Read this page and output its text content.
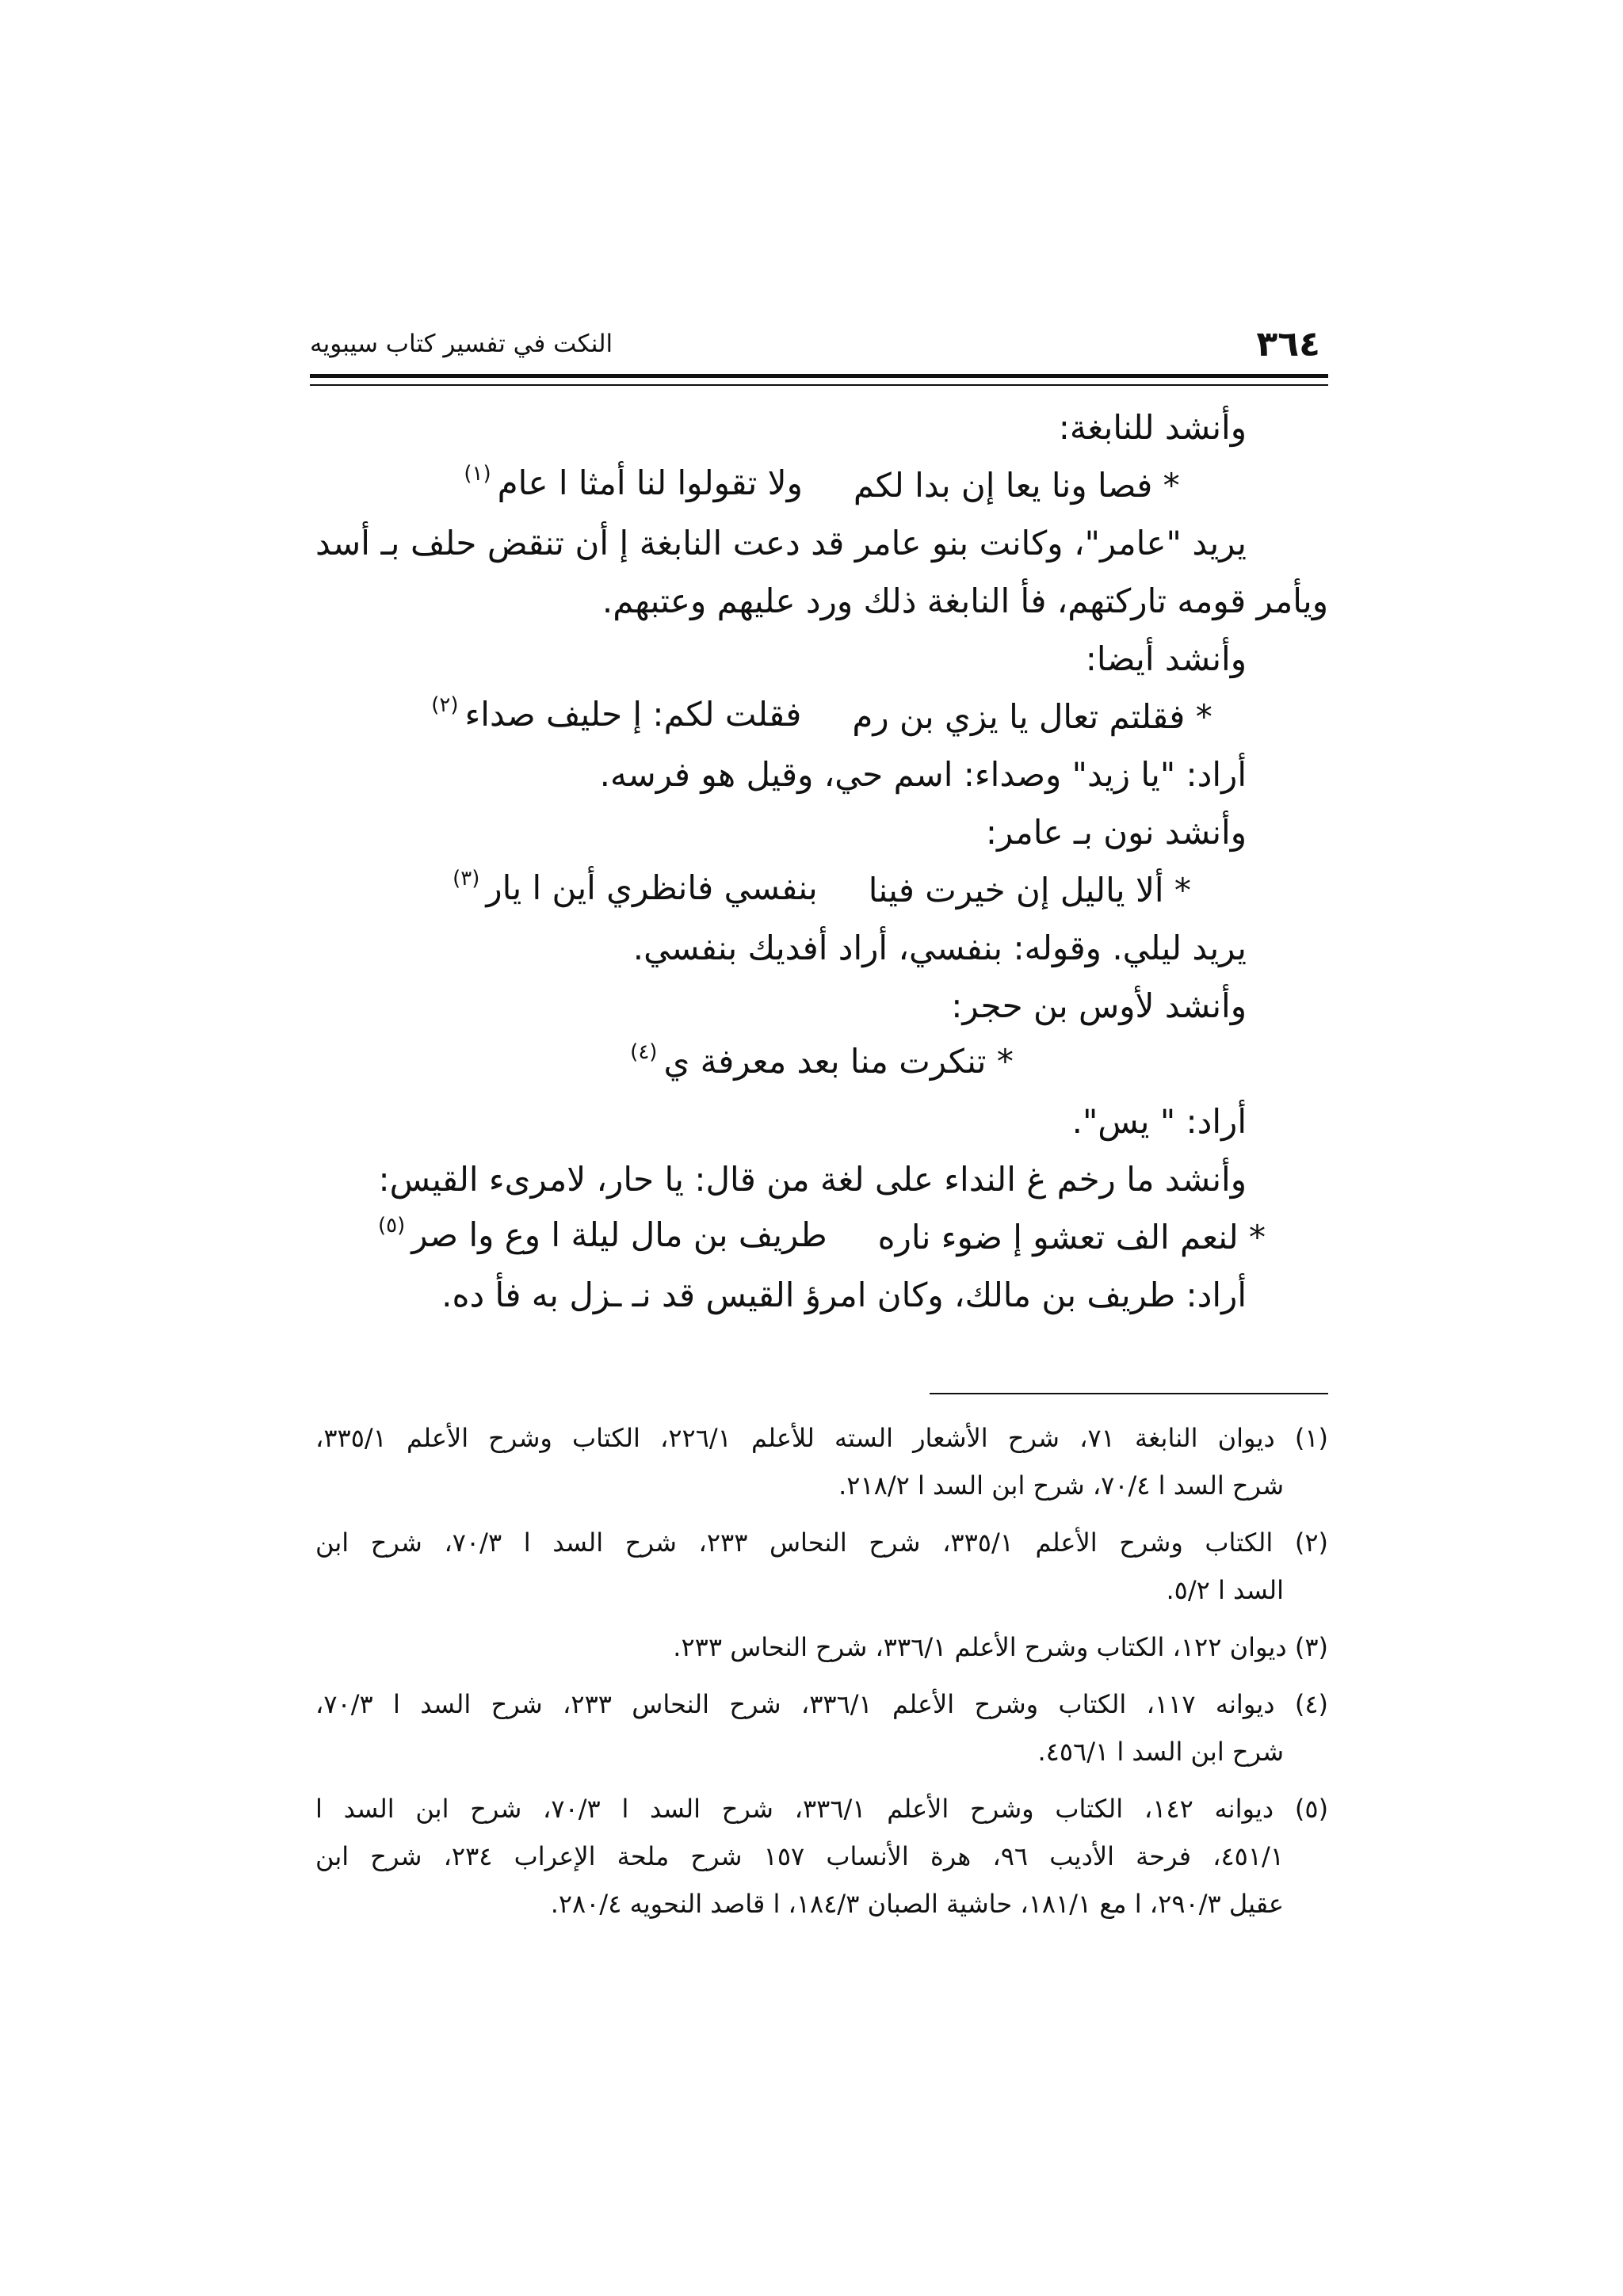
٣٦٤
النكت في تفسير كتاب سيبويه
وأنشد للنابغة:
* فصا ونا يعا إن بدا لكم
ولا تقولوا لنا أمثا ا عام$^{(١)}$
يريد "عامر"، وكانت بنو عامر قد دعت النابغة إ أن تنقض حلف بـ أسد
ويأمر قومه تاركتهم، فأ النابغة ذلك ورد عليهم وعتبهم.
وأنشد أيضا:
* فقلتم تعال يا يزي بن رم
فقلت لكم: إ حليف صداء$^{(٢)}$
أراد: "يا زيد" وصداء: اسم حي، وقيل هو فرسه.
وأنشد نون بـ عامر:
* ألا ياليل إن خيرت فينا
بنفسي فانظري أين ا يار$^{(٣)}$
يريد ليلي. وقوله: بنفسي، أراد أفديك بنفسي.
وأنشد لأوس بن حجر:
* تنكرت منا بعد معرفة ي$^{(٤)}$
أراد: " يس".
وأنشد ما رخم غ النداء على لغة من قال: يا حار، لامرىء القيس:
* لنعم الف تعشو إ ضوء ناره
طريف بن مال ليلة ا وع وا صر$^{(٥)}$
أراد: طريف بن مالك، وكان امرؤ القيس قد نـ ـزل به فأ ده.
(١) ديوان النابغة ٧١، شرح الأشعار السته للأعلم ٢٢٦/١، الكتاب وشرح الأعلم ٣٣٥/١،
شرح السد ا ٧٠/٤، شرح ابن السد ا ٢١٨/٢.
(٢) الكتاب وشرح الأعلم ٣٣٥/١، شرح النحاس ٢٣٣، شرح السد ا ٧٠/٣، شرح ابن
السد ا ٥/٢.
(٣) ديوان ١٢٢، الكتاب وشرح الأعلم ٣٣٦/١، شرح النحاس ٢٣٣.
(٤) ديوانه ١١٧، الكتاب وشرح الأعلم ٣٣٦/١، شرح النحاس ٢٣٣، شرح السد ا ٧٠/٣،
شرح ابن السد ا ٤٥٦/١.
(٥) ديوانه ١٤٢، الكتاب وشرح الأعلم ٣٣٦/١، شرح السد ا ٧٠/٣، شرح ابن السد ا
٤٥١/١، فرحة الأديب ٩٦، هرة الأنساب ١٥٧ شرح ملحة الإعراب ٢٣٤، شرح ابن
عقيل ٢٩٠/٣، ا مع ١٨١/١، حاشية الصبان ١٨٤/٣، ا قاصد النحويه ٢٨٠/٤.
